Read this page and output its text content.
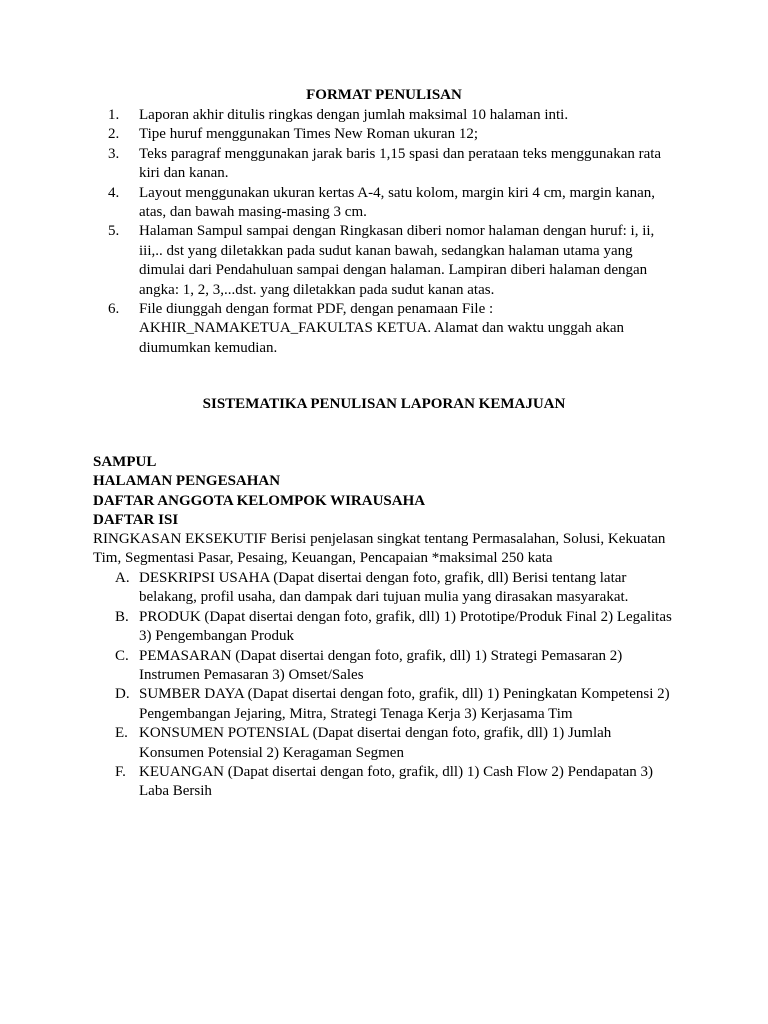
FORMAT PENULISAN
1.	Laporan akhir ditulis ringkas dengan jumlah maksimal 10 halaman inti.
2.	Tipe huruf menggunakan Times New Roman ukuran 12;
3.	Teks paragraf menggunakan jarak baris 1,15 spasi dan perataan teks menggunakan rata kiri dan kanan.
4.	Layout menggunakan ukuran kertas A-4, satu kolom, margin kiri 4 cm, margin kanan, atas, dan bawah masing-masing 3 cm.
5.	Halaman Sampul sampai dengan Ringkasan diberi nomor halaman dengan huruf: i, ii, iii,.. dst yang diletakkan pada sudut kanan bawah, sedangkan halaman utama yang dimulai dari Pendahuluan sampai dengan halaman. Lampiran diberi halaman dengan angka: 1, 2, 3,...dst. yang diletakkan pada sudut kanan atas.
6.	File diunggah dengan format PDF, dengan penamaan File : AKHIR_NAMAKETUA_FAKULTAS KETUA. Alamat dan waktu unggah akan diumumkan kemudian.
SISTEMATIKA PENULISAN LAPORAN KEMAJUAN
SAMPUL
HALAMAN PENGESAHAN
DAFTAR ANGGOTA KELOMPOK WIRAUSAHA
DAFTAR ISI
RINGKASAN EKSEKUTIF Berisi penjelasan singkat tentang Permasalahan, Solusi, Kekuatan Tim, Segmentasi Pasar, Pesaing, Keuangan, Pencapaian *maksimal 250 kata
A. DESKRIPSI USAHA (Dapat disertai dengan foto, grafik, dll) Berisi tentang latar belakang, profil usaha, dan dampak dari tujuan mulia yang dirasakan masyarakat.
B. PRODUK (Dapat disertai dengan foto, grafik, dll) 1) Prototipe/Produk Final 2) Legalitas 3) Pengembangan Produk
C. PEMASARAN (Dapat disertai dengan foto, grafik, dll) 1) Strategi Pemasaran 2) Instrumen Pemasaran 3) Omset/Sales
D. SUMBER DAYA (Dapat disertai dengan foto, grafik, dll) 1) Peningkatan Kompetensi 2) Pengembangan Jejaring, Mitra, Strategi Tenaga Kerja 3) Kerjasama Tim
E. KONSUMEN POTENSIAL (Dapat disertai dengan foto, grafik, dll) 1) Jumlah Konsumen Potensial 2) Keragaman Segmen
F. KEUANGAN (Dapat disertai dengan foto, grafik, dll) 1) Cash Flow 2) Pendapatan 3) Laba Bersih
